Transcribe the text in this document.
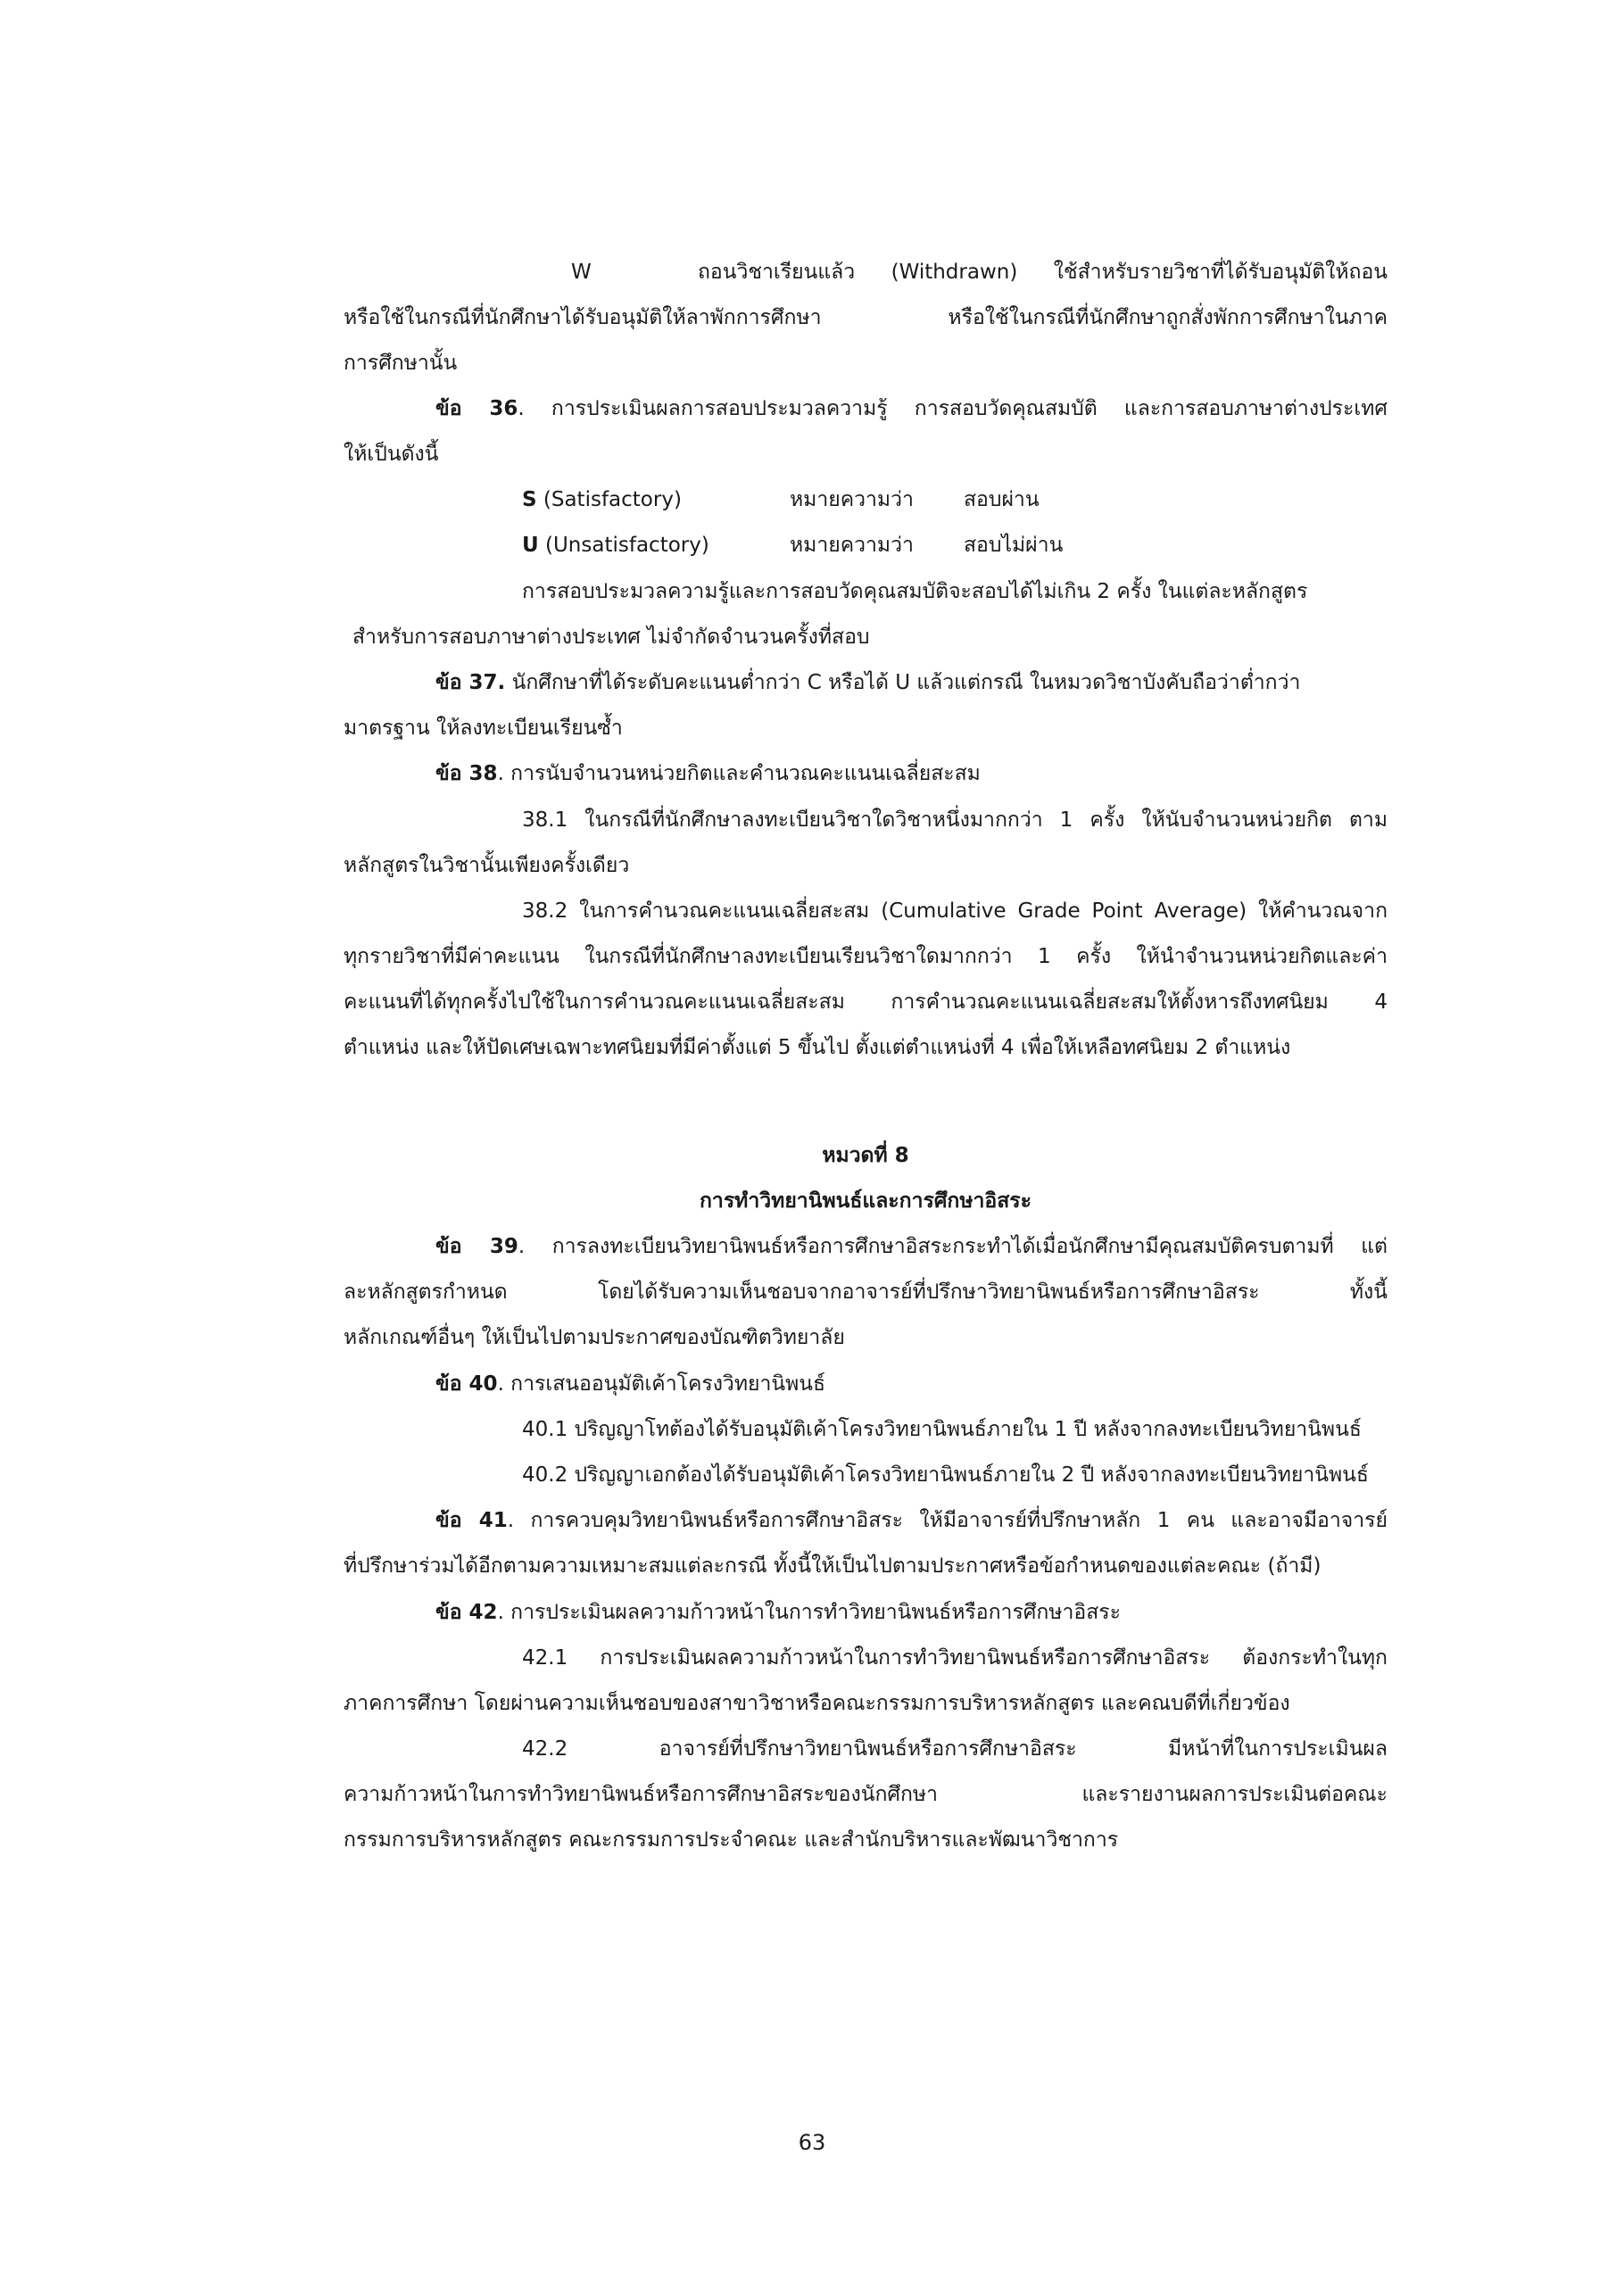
W	ถอนวิชาเรียนแล้ว (Withdrawn) ใช้สำหรับรายวิชาที่ได้รับอนุมัติให้ถอน
หรือใช้ในกรณีที่นักศึกษาได้รับอนุมัติให้ลาพักการศึกษา หรือใช้ในกรณีที่นักศึกษาถูกสั่งพักการศึกษาในภาค
การศึกษานั้น
ข้อ 36. การประเมินผลการสอบประมวลความรู้ การสอบวัดคุณสมบัติ และการสอบภาษาต่างประเทศ
ให้เป็นดังนี้
S (Satisfactory)	หมายความว่า สอบผ่าน
U (Unsatisfactory)	หมายความว่า สอบไม่ผ่าน
การสอบประมวลความรู้และการสอบวัดคุณสมบัติจะสอบได้ไม่เกิน 2 ครั้ง ในแต่ละหลักสูตร
สำหรับการสอบภาษาต่างประเทศ ไม่จำกัดจำนวนครั้งที่สอบ
ข้อ 37. นักศึกษาที่ได้ระดับคะแนนต่ำกว่า C หรือได้ U แล้วแต่กรณี ในหมวดวิชาบังคับถือว่าต่ำกว่า
มาตรฐาน ให้ลงทะเบียนเรียนซ้ำ
ข้อ 38. การนับจำนวนหน่วยกิตและคำนวณคะแนนเฉลี่ยสะสม
38.1 ในกรณีที่นักศึกษาลงทะเบียนวิชาใดวิชาหนึ่งมากกว่า 1 ครั้ง ให้นับจำนวนหน่วยกิต ตาม
หลักสูตรในวิชานั้นเพียงครั้งเดียว
38.2 ในการคำนวณคะแนนเฉลี่ยสะสม (Cumulative Grade Point Average) ให้คำนวณจาก
ทุกรายวิชาที่มีค่าคะแนน ในกรณีที่นักศึกษาลงทะเบียนเรียนวิชาใดมากกว่า 1 ครั้ง ให้นำจำนวนหน่วยกิตและค่า
คะแนนที่ได้ทุกครั้งไปใช้ในการคำนวณคะแนนเฉลี่ยสะสม การคำนวณคะแนนเฉลี่ยสะสมให้ตั้งหารถึงทศนิยม 4
ตำแหน่ง และให้ปัดเศษเฉพาะทศนิยมที่มีค่าตั้งแต่ 5 ขึ้นไป ตั้งแต่ตำแหน่งที่ 4 เพื่อให้เหลือทศนิยม 2 ตำแหน่ง
หมวดที่ 8
การทำวิทยานิพนธ์และการศึกษาอิสระ
ข้อ 39. การลงทะเบียนวิทยานิพนธ์หรือการศึกษาอิสระกระทำได้เมื่อนักศึกษามีคุณสมบัติครบตามที่ แต่
ละหลักสูตรกำหนด โดยได้รับความเห็นชอบจากอาจารย์ที่ปรึกษาวิทยานิพนธ์หรือการศึกษาอิสระ ทั้งนี้
หลักเกณฑ์อื่นๆ ให้เป็นไปตามประกาศของบัณฑิตวิทยาลัย
ข้อ 40. การเสนออนุมัติเค้าโครงวิทยานิพนธ์
40.1 ปริญญาโทต้องได้รับอนุมัติเค้าโครงวิทยานิพนธ์ภายใน 1 ปี หลังจากลงทะเบียนวิทยานิพนธ์
40.2 ปริญญาเอกต้องได้รับอนุมัติเค้าโครงวิทยานิพนธ์ภายใน 2 ปี หลังจากลงทะเบียนวิทยานิพนธ์
ข้อ 41. การควบคุมวิทยานิพนธ์หรือการศึกษาอิสระ ให้มีอาจารย์ที่ปรึกษาหลัก 1 คน และอาจมีอาจารย์
ที่ปรึกษาร่วมได้อีกตามความเหมาะสมแต่ละกรณี ทั้งนี้ให้เป็นไปตามประกาศหรือข้อกำหนดของแต่ละคณะ (ถ้ามี)
ข้อ 42. การประเมินผลความก้าวหน้าในการทำวิทยานิพนธ์หรือการศึกษาอิสระ
42.1 การประเมินผลความก้าวหน้าในการทำวิทยานิพนธ์หรือการศึกษาอิสระ ต้องกระทำในทุก
ภาคการศึกษา โดยผ่านความเห็นชอบของสาขาวิชาหรือคณะกรรมการบริหารหลักสูตร และคณบดีที่เกี่ยวข้อง
42.2 อาจารย์ที่ปรึกษาวิทยานิพนธ์หรือการศึกษาอิสระ มีหน้าที่ในการประเมินผล
ความก้าวหน้าในการทำวิทยานิพนธ์หรือการศึกษาอิสระของนักศึกษา และรายงานผลการประเมินต่อคณะ
กรรมการบริหารหลักสูตร คณะกรรมการประจำคณะ และสำนักบริหารและพัฒนาวิชาการ
63
